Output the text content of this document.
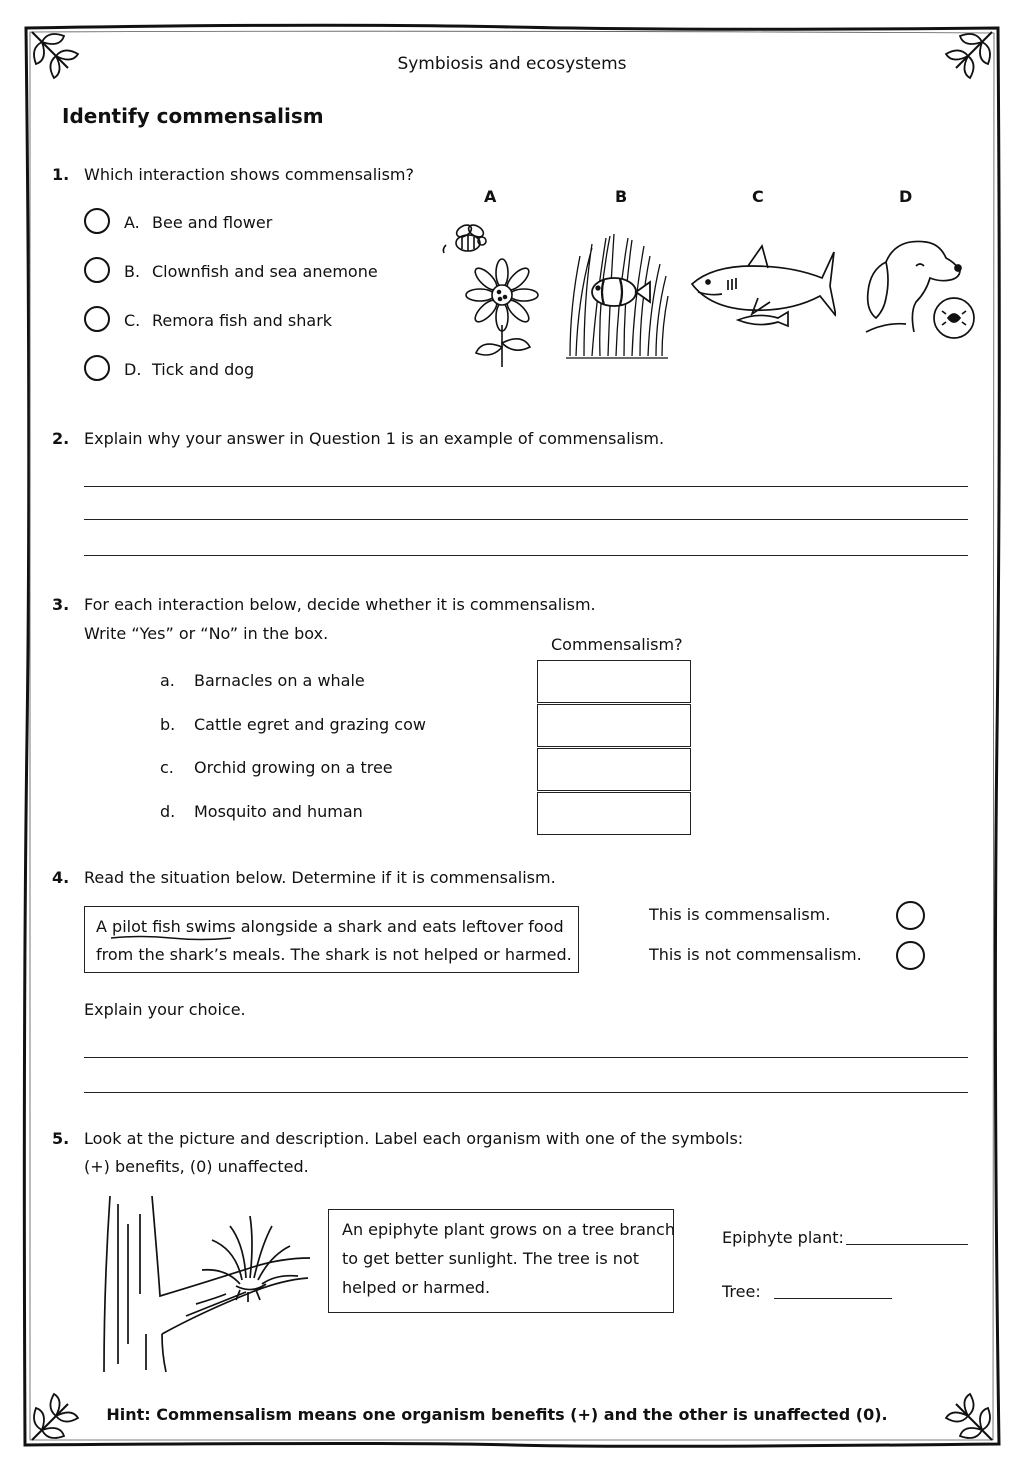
Symbiosis and ecosystems
Identify commensalism
1. Which interaction shows commensalism?
A. Bee and flower
B. Clownfish and sea anemone
C. Remora fish and shark
D. Tick and dog
A	B	C	D
2. Explain why your answer in Question 1 is an example of commensalism.
3. For each interaction below, decide whether it is commensalism.
Write “Yes” or “No” in the box.
Commensalism?
a. Barnacles on a whale
b. Cattle egret and grazing cow
c. Orchid growing on a tree
d. Mosquito and human
4. Read the situation below. Determine if it is commensalism.
A pilot fish swims alongside a shark and eats leftover food
from the shark’s meals. The shark is not helped or harmed.
This is commensalism.
This is not commensalism.
Explain your choice.
5. Look at the picture and description. Label each organism with one of the symbols:
(+) benefits, (0) unaffected.
An epiphyte plant grows on a tree branch
to get better sunlight. The tree is not
helped or harmed.
Epiphyte plant:
Tree:
Hint: Commensalism means one organism benefits (+) and the other is unaffected (0).
